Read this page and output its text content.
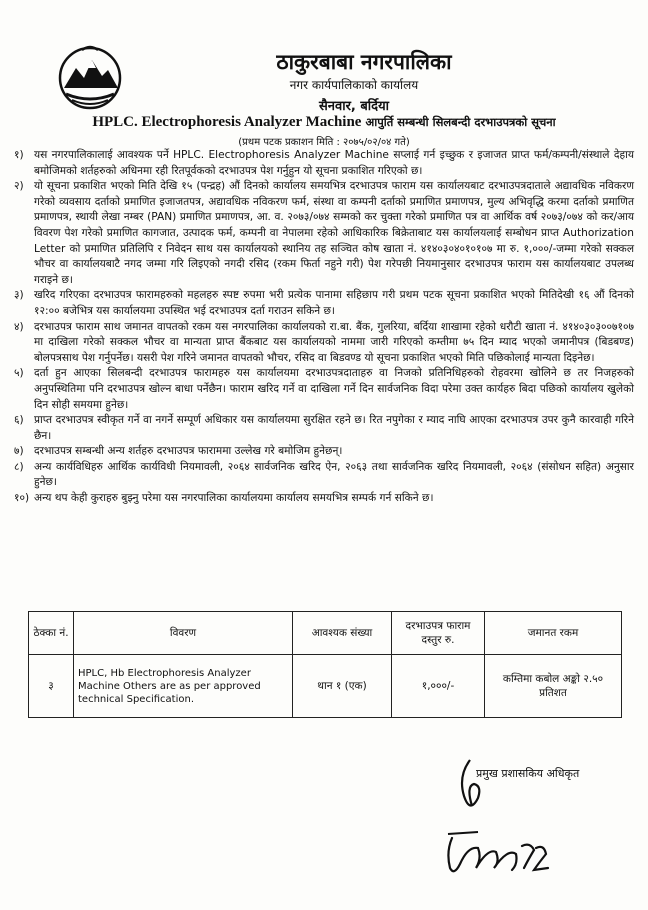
ठाकुरबाबा नगरपालिका
नगर कार्यपालिकाको कार्यालय
सैनवार, बर्दिया
HPLC. Electrophoresis Analyzer Machine आपुर्ति सम्बन्धी सिलबन्दी दरभाउपत्रको सूचना
(प्रथम पटक प्रकाशन मिति : २०७५/०२/०४ गते)
१) यस नगरपालिकालाई आवश्यक पर्ने HPLC. Electrophoresis Analyzer Machine सप्लाई गर्न इच्छुक र इजाजत प्राप्त फर्म/कम्पनी/संस्थाले देहाय बमोजिमको शर्तहरुको अधिनमा रही रितपूर्वकको दरभाउपत्र पेश गर्नुहुन यो सूचना प्रकाशित गरिएको छ।
२) यो सूचना प्रकाशित भएको मिति देखि १५ (पन्द्रह) औं दिनको कार्यालय समयभित्र दरभाउपत्र फाराम यस कार्यालयबाट दरभाउपत्रदाताले अद्यावधिक नविकरण गरेको व्यवसाय दर्ताको प्रमाणित इजाजतपत्र, अद्यावधिक नविकरण फर्म, संस्था वा कम्पनी दर्ताको प्रमाणित प्रमाणपत्र, मुल्य अभिवृद्धि करमा दर्ताको प्रमाणित प्रमाणपत्र, स्थायी लेखा नम्बर (PAN) प्रमाणित प्रमाणपत्र, आ. व. २०७३/०७४ सम्मको कर चुक्ता गरेको प्रमाणित पत्र वा आर्थिक वर्ष २०७३/०७४ को कर/आय विवरण पेश गरेको प्रमाणित कागजात, उत्पादक फर्म, कम्पनी वा नेपालमा रहेको आधिकारिक बिक्रेताबाट यस कार्यालयलाई सम्बोधन प्राप्त Authorization Letter को प्रमाणित प्रतिलिपि र निवेदन साथ यस कार्यालयको स्थानिय तह सञ्चित कोष खाता नं. ४१४०३०४०१०१०७ मा रु. १,०००/-जम्मा गरेको सक्कल भौचर वा कार्यालयबाटै नगद जम्मा गरि लिइएको नगदी रसिद (रकम फिर्ता नहुने गरी) पेश गरेपछी नियमानुसार दरभाउपत्र फाराम यस कार्यालयबाट उपलब्ध गराइने छ।
३) खरिद गरिएका दरभाउपत्र फारामहरुको महलहरु स्पष्ट रुपमा भरी प्रत्येक पानामा सहिछाप गरी प्रथम पटक सूचना प्रकाशित भएको मितिदेखी १६ औं दिनको १२:०० बजेभित्र यस कार्यालयमा उपस्थित भई दरभाउपत्र दर्ता गराउन सकिने छ।
४) दरभाउपत्र फाराम साथ जमानत वापतको रकम यस नगरपालिका कार्यालयको रा.बा. बैंक, गुलरिया, बर्दिया शाखामा रहेको धरौटी खाता नं. ४१४०३०३००७१०७ मा दाखिला गरेको सक्कल भौचर वा मान्यता प्राप्त बैंकबाट यस कार्यालयको नाममा जारी गरिएको कम्तीमा ७५ दिन म्याद भएको जमानीपत्र (बिडबण्ड) बोलपत्रसाथ पेश गर्नुपर्नेछ। यसरी पेश गरिने जमानत वापतको भौचर, रसिद वा बिडवण्ड यो सूचना प्रकाशित भएको मिति पछिकोलाई मान्यता दिइनेछ।
५) दर्ता हुन आएका सिलबन्दी दरभाउपत्र फारामहरु यस कार्यालयमा दरभाउपत्रदाताहरु वा निजको प्रतिनिधिहरुको रोहवरमा खोलिने छ तर निजहरुको अनुपस्थितिमा पनि दरभाउपत्र खोल्न बाधा पर्नेछैन। फाराम खरिद गर्ने वा दाखिला गर्ने दिन सार्वजनिक विदा परेमा उक्त कार्यहरु बिदा पछिको कार्यालय खुलेको दिन सोही समयमा हुनेछ।
६) प्राप्त दरभाउपत्र स्वीकृत गर्ने वा नगर्ने सम्पूर्ण अधिकार यस कार्यालयमा सुरक्षित रहने छ। रित नपुगेका र म्याद नाघि आएका दरभाउपत्र उपर कुनै कारवाही गरिने छैन।
७) दरभाउपत्र सम्बन्धी अन्य शर्तहरु दरभाउपत्र फाराममा उल्लेख गरे बमोजिम हुनेछन्।
८) अन्य कार्यविधिहरु आर्थिक कार्यविधी नियमावली, २०६४ सार्वजनिक खरिद ऐन, २०६३ तथा सार्वजनिक खरिद नियमावली, २०६४ (संसोधन सहित) अनुसार हुनेछ।
१०) अन्य थप केही कुराहरु बुझ्नु परेमा यस नगरपालिका कार्यालयमा कार्यालय समयभित्र सम्पर्क गर्न सकिने छ।
ठेक्का नं.	विवरण	आवश्यक संख्या	दरभाउपत्र फाराम दस्तुर रु.	जमानत रकम
३	HPLC, Hb Electrophoresis Analyzer Machine Others are as per approved technical Specification.	थान १ (एक)	१,०००/-	कम्तिमा कबोल अङ्को २.५० प्रतिशत
प्रमुख प्रशासकिय अधिकृत
